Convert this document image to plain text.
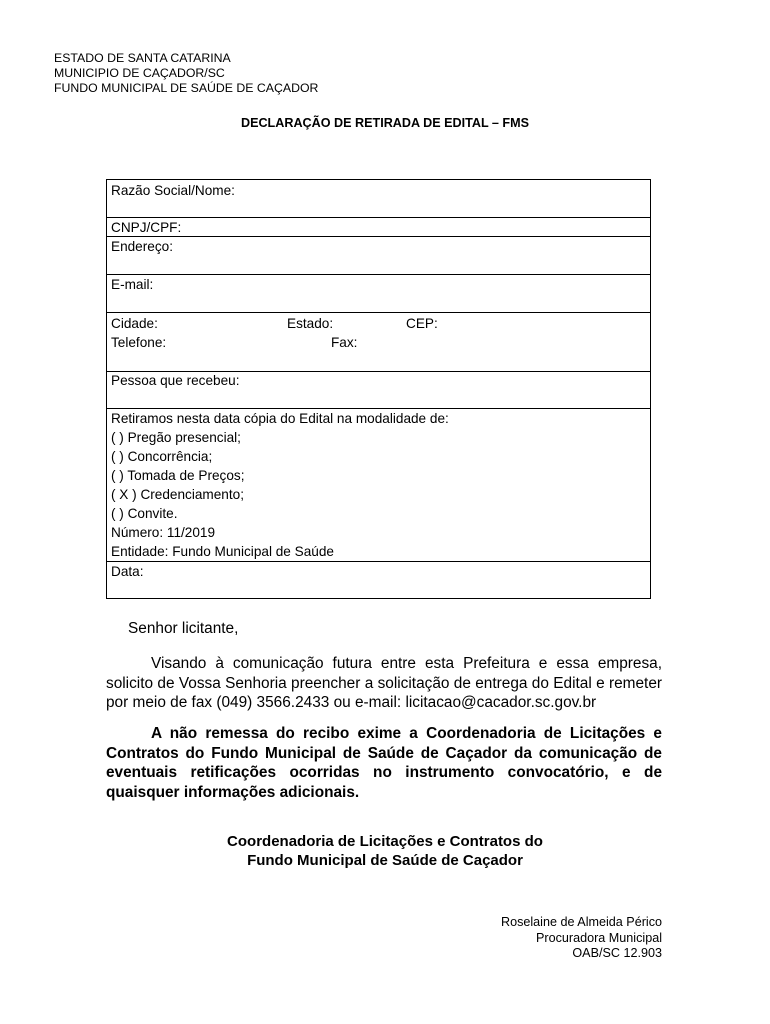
ESTADO DE SANTA CATARINA
MUNICIPIO DE CAÇADOR/SC
FUNDO MUNICIPAL DE SAÚDE DE CAÇADOR
DECLARAÇÃO DE RETIRADA DE EDITAL – FMS
Razão Social/Nome:
CNPJ/CPF:
Endereço:
E-mail:
Cidade:	Estado:	CEP:
Telefone:	Fax:
Pessoa que recebeu:
Retiramos nesta data cópia do Edital na modalidade de:
( ) Pregão presencial;
( ) Concorrência;
( ) Tomada de Preços;
( X ) Credenciamento;
( ) Convite.
Número: 11/2019
Entidade: Fundo Municipal de Saúde
Data:
Senhor licitante,
Visando à comunicação futura entre esta Prefeitura e essa empresa, solicito de Vossa Senhoria preencher a solicitação de entrega do Edital e remeter por meio de fax (049) 3566.2433 ou e-mail: licitacao@cacador.sc.gov.br
A não remessa do recibo exime a Coordenadoria de Licitações e Contratos do Fundo Municipal de Saúde de Caçador da comunicação de eventuais retificações ocorridas no instrumento convocatório, e de quaisquer informações adicionais.
Coordenadoria de Licitações e Contratos do
Fundo Municipal de Saúde de Caçador
Roselaine de Almeida Périco
Procuradora Municipal
OAB/SC 12.903
